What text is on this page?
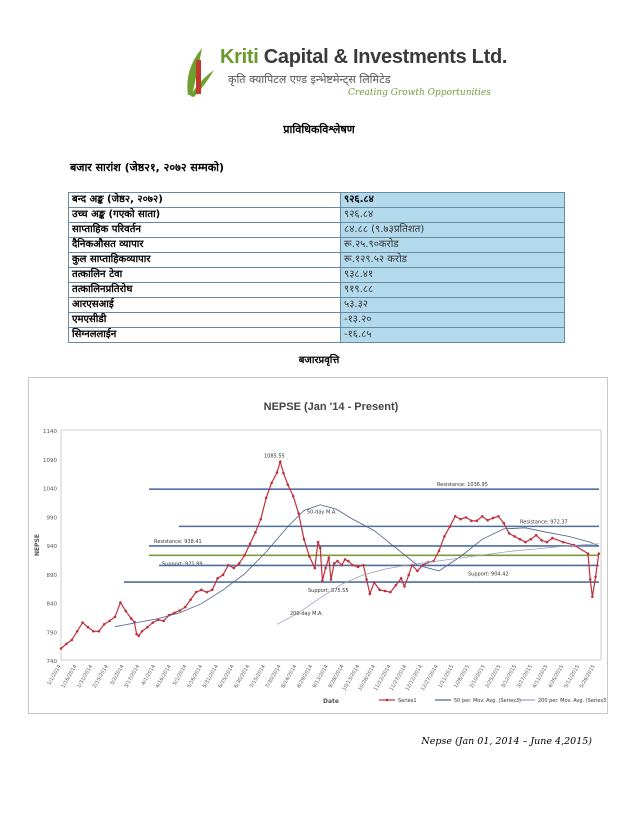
Kriti Capital & Investments Ltd.
कृति क्यापिटल एण्ड इन्भेष्टमेन्ट्स लिमिटेड
Creating Growth Opportunities
प्राविधिकविश्लेषण
बजार सारांश (जेष्ठ२१, २०७२ सम्मको)
बन्द अङ्क (जेष्ठ२, २०७२)	९२६.८४
उच्च अङ्क (गएको साता)	९२६.८४
साप्ताहिक परिवर्तन	८४.८८ (९.७३प्रतिशत)
दैनिकऔसत व्यापार	रू.२५.९०करोड
कुल साप्ताहिकव्यापार	रू.१२९.५२ करोड
तत्कालिन टेवा	९३८.४१
तत्कालिनप्रतिरोध	९१९.८८
आरएसआई	५३.३२
एमएसीडी	-१३.२०
सिग्नललाईन	-१६.८५
बजारप्रवृत्ति
NEPSE (Jan '14 - Present)
740
790
840
890
940
990
1040
1090
1140
NEPSE
1/1/2014
1/16/2014
1/31/2014
2/15/2014 3/2/2014
3/17/2014 4/1/2014
4/16/2014 5/1/2014
5/16/2014
5/31/2014
6/15/2014
6/30/2014
7/15/2014
7/30/2014
8/14/2014
8/29/2014
9/13/2014
9/28/2014
10/13/2014
10/28/2014
11/12/2014
11/27/2014
12/12/2014
12/27/2014
1/11/2015
1/26/2015
2/10/2015
2/25/2015
3/12/2015
3/27/2015
4/11/2015
4/26/2015
5/11/2015
5/26/2015
Date
Resistance: 1036.95
Resistance: 972.37
Resistance: 938.41
Support: 921.99
Support: 875.55
Support: 904.42
1085.55
50-day M.A.
200-day M.A.
Series1	50 per. Mov. Avg. (Series3)	200 per. Mov. Avg. (Series3)
Nepse (Jan 01, 2014 – June 4,2015)
